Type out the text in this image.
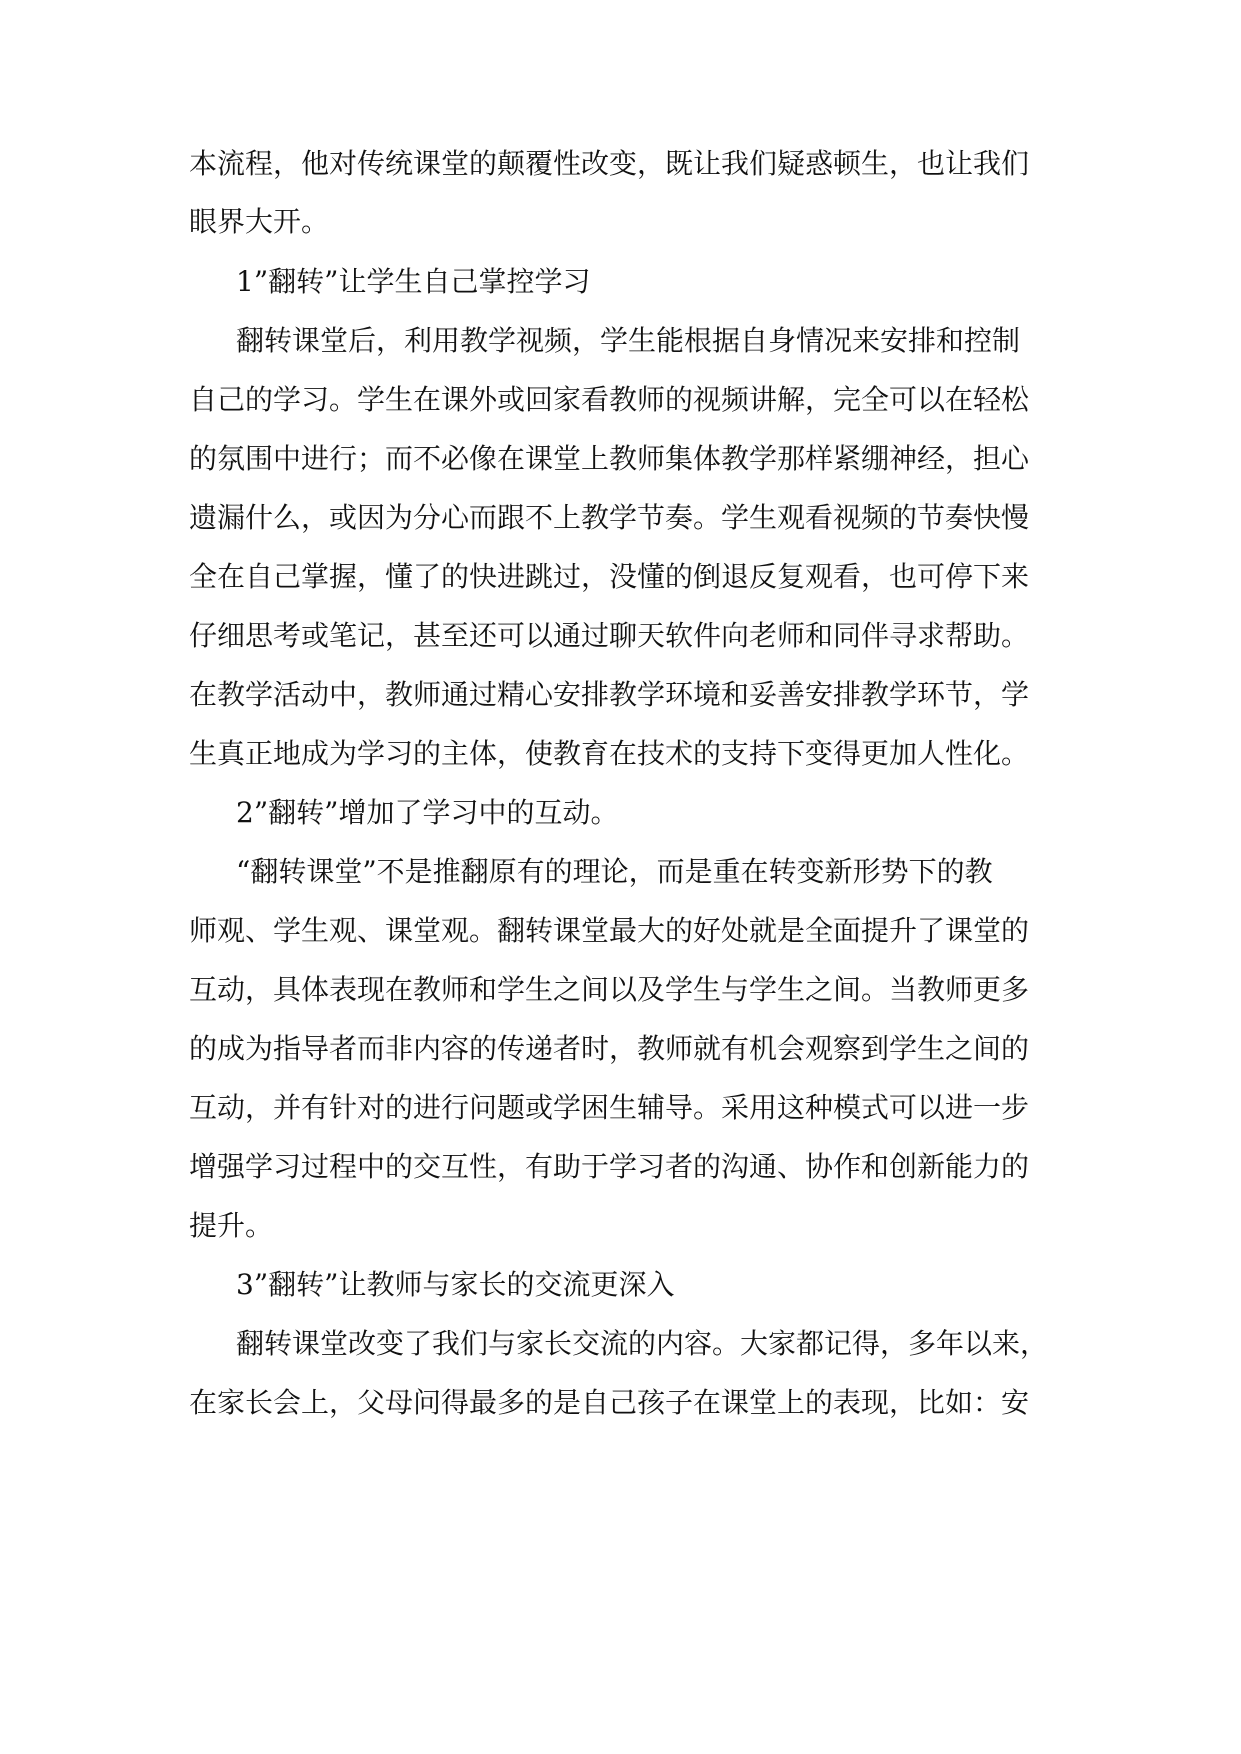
本流程，他对传统课堂的颠覆性改变，既让我们疑惑顿生，也让我们

眼界大开。

1”翻转”让学生自己掌控学习

翻转课堂后，利用教学视频，学生能根据自身情况来安排和控制

自己的学习。学生在课外或回家看教师的视频讲解，完全可以在轻松

的氛围中进行；而不必像在课堂上教师集体教学那样紧绷神经，担心

遗漏什么，或因为分心而跟不上教学节奏。学生观看视频的节奏快慢

全在自己掌握，懂了的快进跳过，没懂的倒退反复观看，也可停下来

仔细思考或笔记，甚至还可以通过聊天软件向老师和同伴寻求帮助。

在教学活动中，教师通过精心安排教学环境和妥善安排教学环节，学

生真正地成为学习的主体，使教育在技术的支持下变得更加人性化。

2”翻转”增加了学习中的互动。

“翻转课堂”不是推翻原有的理论，而是重在转变新形势下的教

师观、学生观、课堂观。翻转课堂最大的好处就是全面提升了课堂的

互动，具体表现在教师和学生之间以及学生与学生之间。当教师更多

的成为指导者而非内容的传递者时，教师就有机会观察到学生之间的

互动，并有针对的进行问题或学困生辅导。采用这种模式可以进一步

增强学习过程中的交互性，有助于学习者的沟通、协作和创新能力的

提升。

3”翻转”让教师与家长的交流更深入

翻转课堂改变了我们与家长交流的内容。大家都记得，多年以来，

在家长会上，父母问得最多的是自己孩子在课堂上的表现，比如：安
